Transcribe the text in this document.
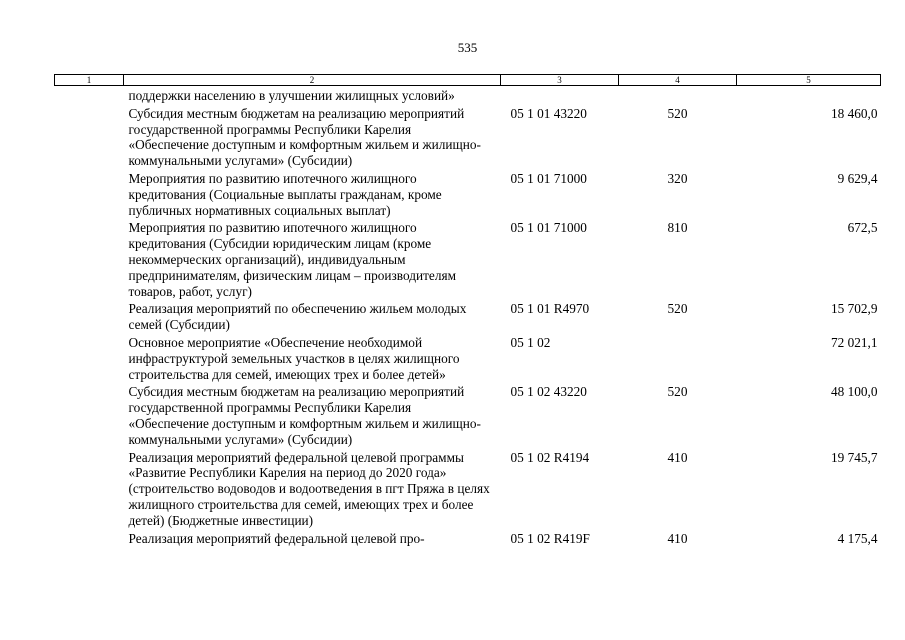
535
1	2	3	4	5
	поддержки населению в улучшении жилищных условий»			
	Субсидия местным бюджетам на реализацию мероприятий государственной программы Республики Карелия «Обеспечение доступным и комфортным жильем и жилищно-коммунальными услугами» (Субсидии)	05 1 01 43220	520	18 460,0
	Мероприятия по развитию ипотечного жилищного кредитования (Социальные выплаты гражданам, кроме публичных нормативных социальных выплат)	05 1 01 71000	320	9 629,4
	Мероприятия по развитию ипотечного жилищного кредитования (Субсидии юридическим лицам (кроме некоммерческих организаций), индивидуальным предпринимателям, физическим лицам – производителям товаров, работ, услуг)	05 1 01 71000	810	672,5
	Реализация мероприятий по обеспечению жильем молодых семей (Субсидии)	05 1 01 R4970	520	15 702,9
	Основное мероприятие «Обеспечение необходимой инфраструктурой земельных участков в целях жилищного строительства для семей, имеющих трех и более детей»	05 1 02		72 021,1
	Субсидия местным бюджетам на реализацию мероприятий государственной программы Республики Карелия «Обеспечение доступным и комфортным жильем и жилищно-коммунальными услугами» (Субсидии)	05 1 02 43220	520	48 100,0
	Реализация мероприятий федеральной целевой программы «Развитие Республики Карелия на период до 2020 года» (строительство водоводов и водоотведения в пгт Пряжа в целях жилищного строительства для семей, имеющих трех и более детей) (Бюджетные инвестиции)	05 1 02 R4194	410	19 745,7
	Реализация мероприятий федеральной целевой про-	05 1 02 R419F	410	4 175,4
